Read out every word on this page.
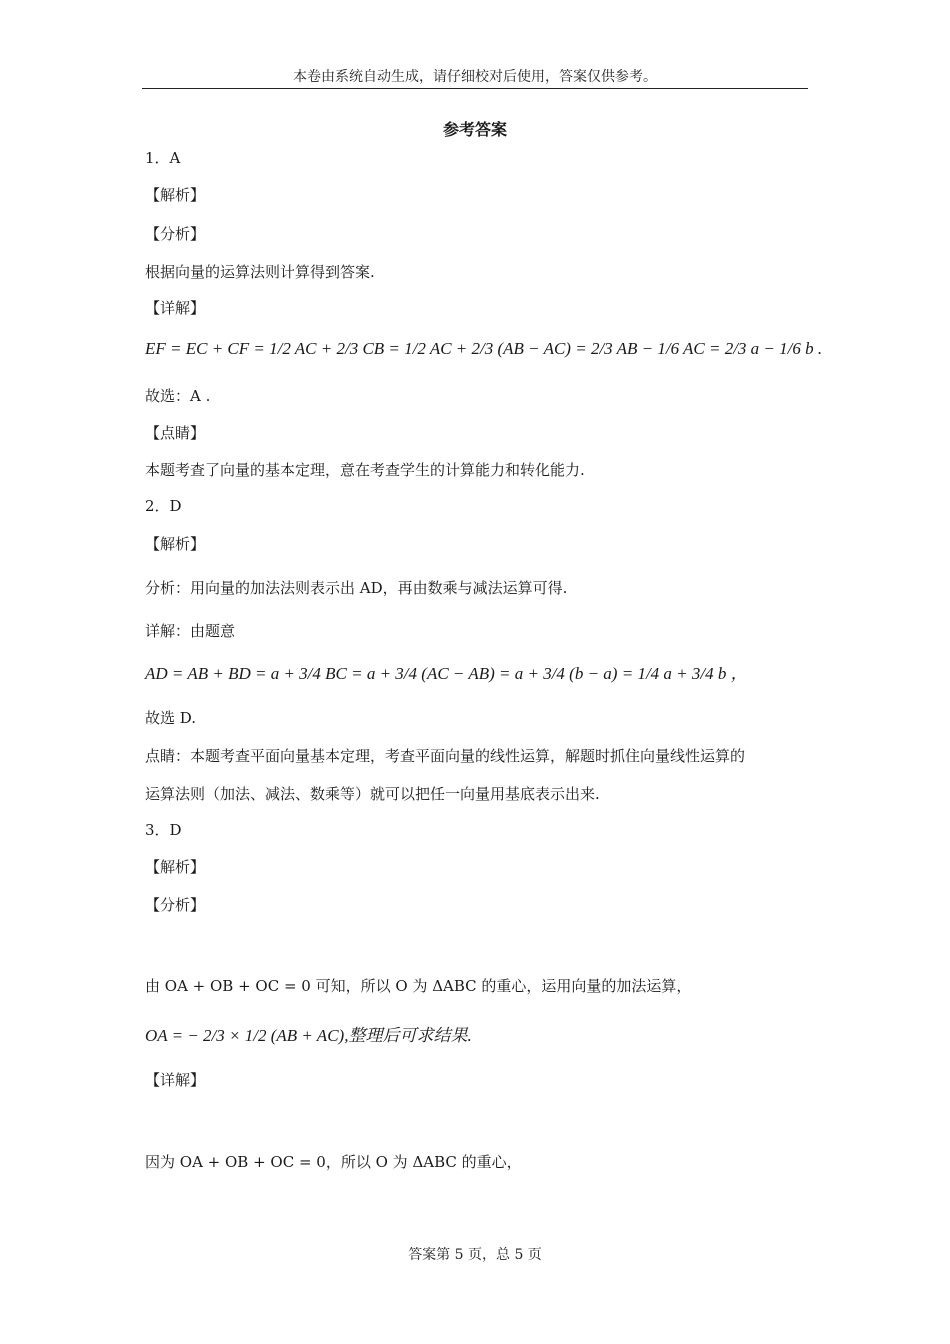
本卷由系统自动生成，请仔细校对后使用，答案仅供参考。
参考答案
1．A
【解析】
【分析】
根据向量的运算法则计算得到答案.
【详解】
EF = EC + CF = 1/2 AC + 2/3 CB = 1/2 AC + 2/3 (AB − AC) = 2/3 AB − 1/6 AC = 2/3 a − 1/6 b .
故选：A .
【点睛】
本题考查了向量的基本定理，意在考查学生的计算能力和转化能力.
2．D
【解析】
分析：用向量的加法法则表示出 AD，再由数乘与减法运算可得.
详解：由题意
AD = AB + BD = a + 3/4 BC = a + 3/4 (AC − AB) = a + 3/4 (b − a) = 1/4 a + 3/4 b ，
故选 D.
点睛：本题考查平面向量基本定理，考查平面向量的线性运算，解题时抓住向量线性运算的
运算法则（加法、减法、数乘等）就可以把任一向量用基底表示出来.
3．D
【解析】
【分析】
由 OA + OB + OC = 0 可知，所以 O 为 ΔABC 的重心，运用向量的加法运算，
OA = − 2/3 × 1/2 (AB + AC),整理后可求结果.
【详解】
因为 OA + OB + OC = 0，所以 O 为 ΔABC 的重心，
答案第 5 页，总 5 页
